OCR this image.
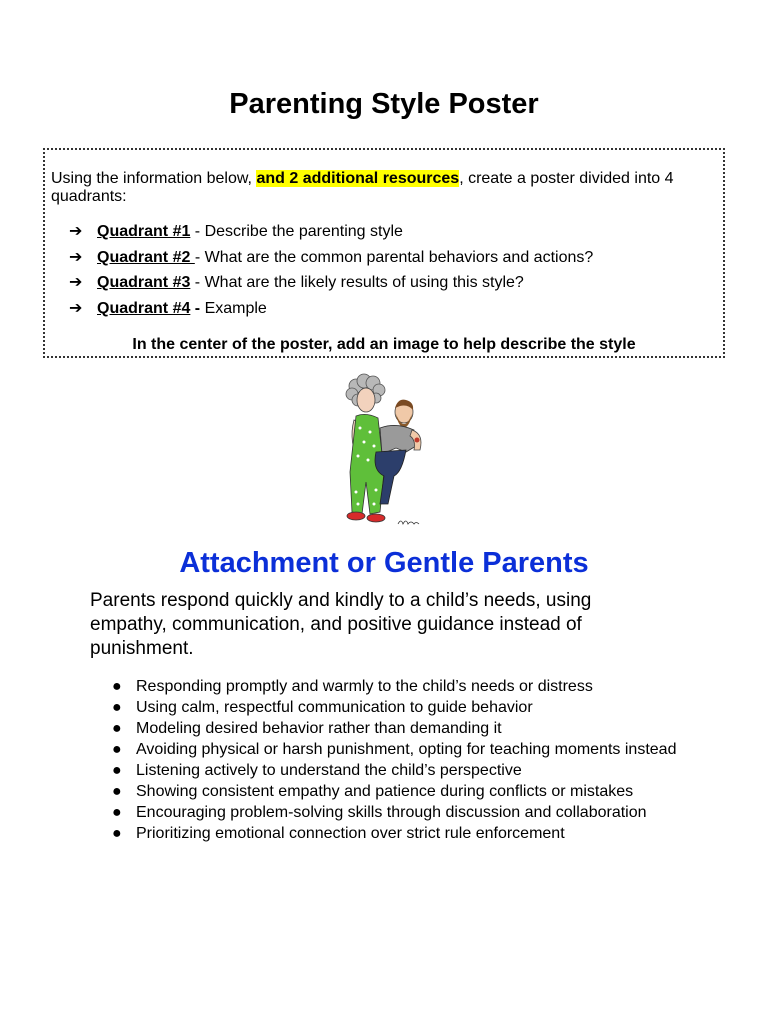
Parenting Style Poster

Using the information below, and 2 additional resources, create a poster divided into 4 quadrants:

➔ Quadrant #1 - Describe the parenting style
➔ Quadrant #2 - What are the common parental behaviors and actions?
➔ Quadrant #3 - What are the likely results of using this style?
➔ Quadrant #4 - Example

In the center of the poster, add an image to help describe the style

Attachment or Gentle Parents

Parents respond quickly and kindly to a child’s needs, using empathy, communication, and positive guidance instead of punishment.

● Responding promptly and warmly to the child’s needs or distress
● Using calm, respectful communication to guide behavior
● Modeling desired behavior rather than demanding it
● Avoiding physical or harsh punishment, opting for teaching moments instead
● Listening actively to understand the child’s perspective
● Showing consistent empathy and patience during conflicts or mistakes
● Encouraging problem-solving skills through discussion and collaboration
● Prioritizing emotional connection over strict rule enforcement
